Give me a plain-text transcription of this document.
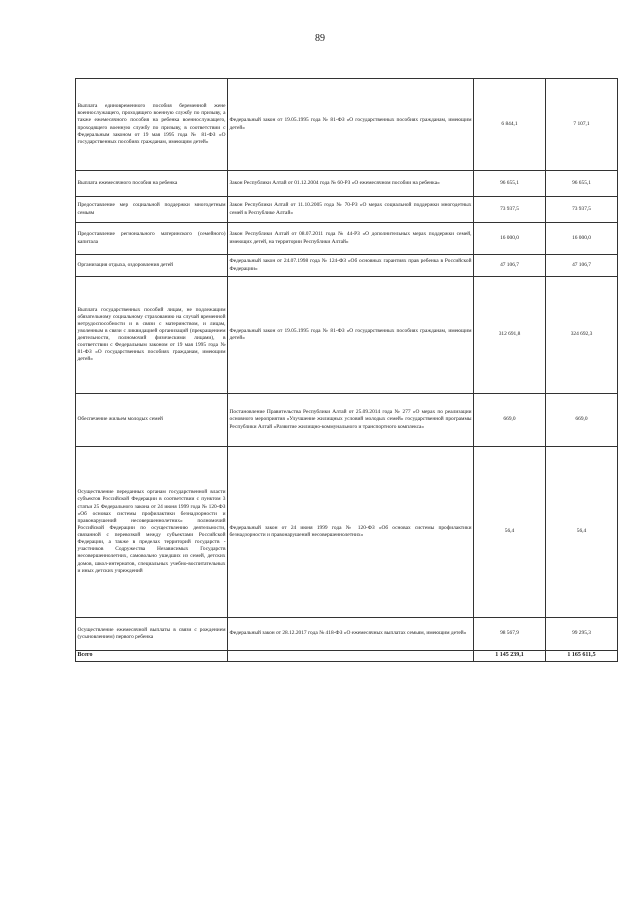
89
Выплата единовременного пособия беременной жене военнослужащего, проходящего военную службу по призыву, а также ежемесячного пособия на ребенка военнослужащего, проходящего военную службу по призыву, в соответствии с Федеральным законом от 19 мая 1995 года № 81-ФЗ «О государственных пособиях гражданам, имеющим детей»	Федеральный закон от 19.05.1995 года № 81-ФЗ «О государственных пособиях гражданам, имеющим детей»	6 844,1	7 107,1
Выплата ежемесячного пособия на ребенка	Закон Республики Алтай от 01.12.2004 года № 60-РЗ «О ежемесячном пособии на ребенка»	96 655,1	96 655,1
Предоставление мер социальной поддержки многодетным семьям	Закон Республики Алтай от 11.10.2005 года № 70-РЗ «О мерах социальной поддержки многодетных семей в Республике Алтай»	73 937,5	73 937,5
Предоставление регионального материнского (семейного) капитала	Закон Республики Алтай от 08.07.2011 года № 44-РЗ «О дополнительных мерах поддержки семей, имеющих детей, на территории Республики Алтай»	16 000,0	16 000,0
Организация отдыха, оздоровления детей	Федеральный закон от 24.07.1998 года № 124-ФЗ «Об основных гарантиях прав ребенка в Российской Федерации»	47 106,7	47 106,7
Выплата государственных пособий лицам, не подлежащим обязательному социальному страхованию на случай временной нетрудоспособности и в связи с материнством, и лицам, уволенным в связи с ликвидацией организаций (прекращением деятельности, полномочий физическими лицами), в соответствии с Федеральным законом от 19 мая 1995 года № 81-ФЗ «О государственных пособиях гражданам, имеющим детей»	Федеральный закон от 19.05.1995 года № 81-ФЗ «О государственных пособиях гражданам, имеющим детей»	312 691,8	324 692,3
Обеспечение жильем молодых семей	Постановление Правительства Республики Алтай от 25.09.2014 года № 277 «О мерах по реализации основного мероприятия «Улучшение жилищных условий молодых семей» государственной программы Республики Алтай «Развитие жилищно-коммунального и транспортного комплекса»	669,0	669,0
Осуществление переданных органам государственной власти субъектов Российской Федерации в соответствии с пунктом 3 статьи 25 Федерального закона от 24 июня 1999 года № 120-ФЗ «Об основах системы профилактики безнадзорности и правонарушений несовершеннолетних» полномочий Российской Федерации по осуществлению деятельности, связанной с перевозкой между субъектами Российской Федерации, а также в пределах территорий государств - участников Содружества Независимых Государств несовершеннолетних, самовольно ушедших из семей, детских домов, школ-интернатов, специальных учебно-воспитательных и иных детских учреждений	Федеральный закон от 24 июня 1999 года № 120-ФЗ «Об основах системы профилактики безнадзорности и правонарушений несовершеннолетних»	56,4	56,4
Осуществление ежемесячной выплаты в связи с рождением (усыновлением) первого ребенка	Федеральный закон от 28.12.2017 года № 418-ФЗ «О ежемесячных выплатах семьям, имеющим детей»	98 567,9	99 295,3
Всего		1 145 239,1	1 165 611,5
